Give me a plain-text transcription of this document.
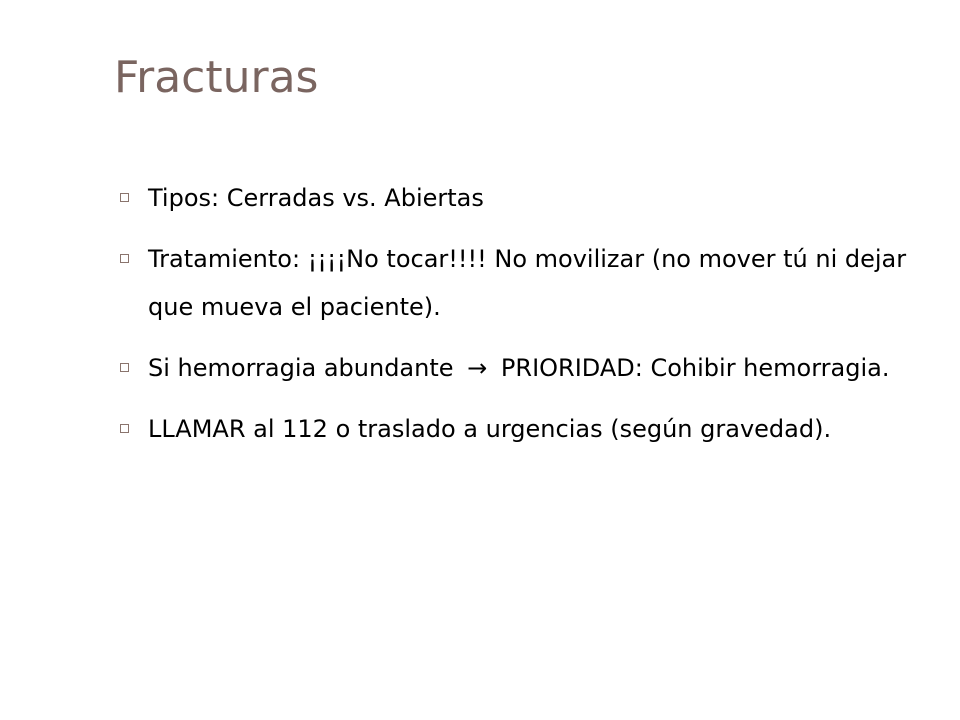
Fracturas
Tipos: Cerradas vs. Abiertas
Tratamiento: ¡¡¡¡No tocar!!!! No movilizar (no mover tú ni dejar que mueva el paciente).
Si hemorragia abundante → PRIORIDAD: Cohibir hemorragia.
LLAMAR al 112 o traslado a urgencias (según gravedad).
